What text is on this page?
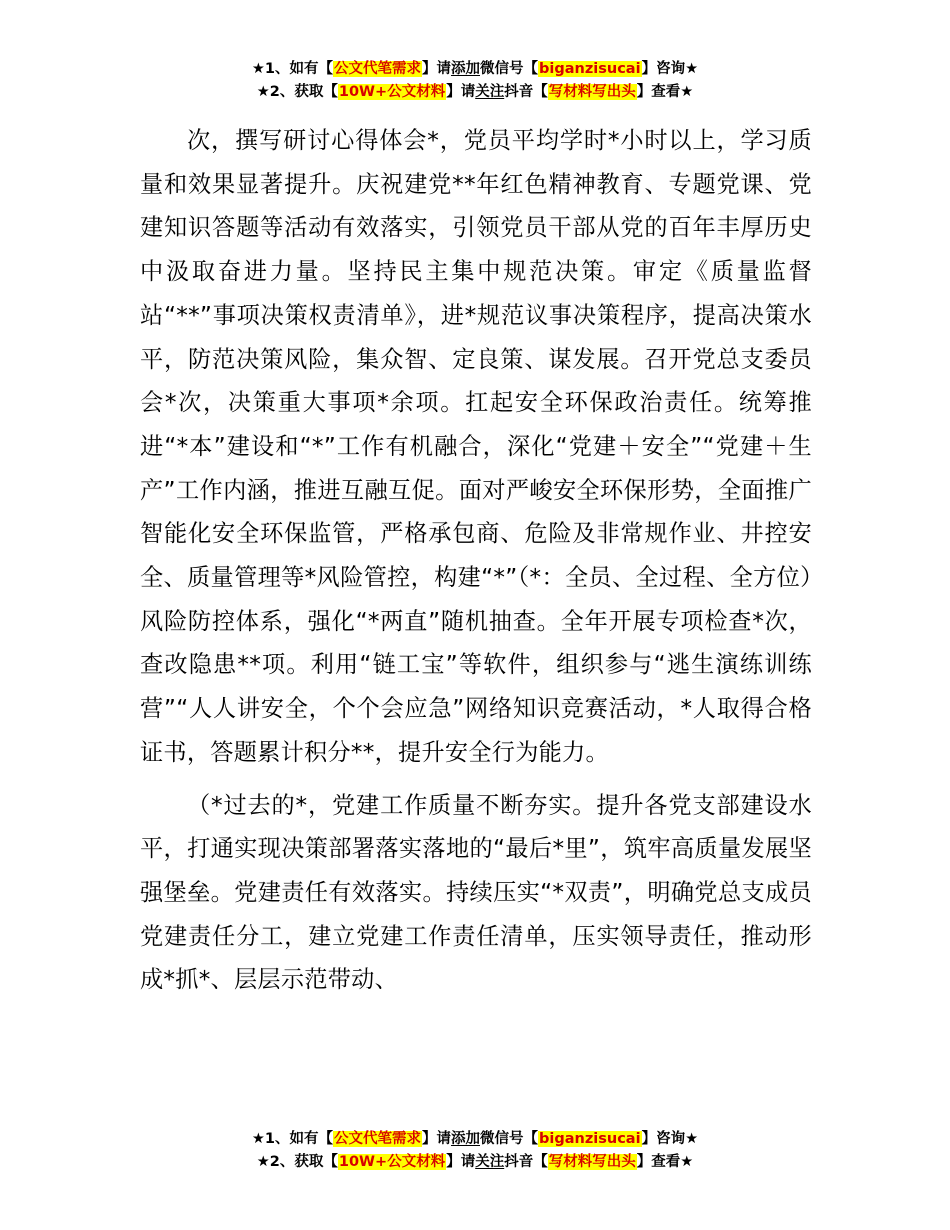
★1、如有【公文代笔需求】请添加微信号【biganzisucai】咨询★
★2、获取【10W+公文材料】请关注抖音【写材料写出头】查看★

次，撰写研讨心得体会*，党员平均学时*小时以上，学习质量和效果显著提升。庆祝建党**年红色精神教育、专题党课、党建知识答题等活动有效落实，引领党员干部从党的百年丰厚历史中汲取奋进力量。坚持民主集中规范决策。审定《质量监督站“**”事项决策权责清单》，进*规范议事决策程序，提高决策水平，防范决策风险，集众智、定良策、谋发展。召开党总支委员会*次，决策重大事项*余项。扛起安全环保政治责任。统筹推进“*本”建设和“*”工作有机融合，深化“党建＋安全”“党建＋生产”工作内涵，推进互融互促。面对严峻安全环保形势，全面推广智能化安全环保监管，严格承包商、危险及非常规作业、井控安全、质量管理等*风险管控，构建“*”（*：全员、全过程、全方位）风险防控体系，强化“*两直”随机抽查。全年开展专项检查*次，查改隐患**项。利用“链工宝”等软件，组织参与“逃生演练训练营”“人人讲安全，个个会应急”网络知识竞赛活动，*人取得合格证书，答题累计积分**，提升安全行为能力。

（*过去的*，党建工作质量不断夯实。提升各党支部建设水平，打通实现决策部署落实落地的“最后*里”，筑牢高质量发展坚强堡垒。党建责任有效落实。持续压实“*双责”，明确党总支成员党建责任分工，建立党建工作责任清单，压实领导责任，推动形成*抓*、层层示范带动、

★1、如有【公文代笔需求】请添加微信号【biganzisucai】咨询★
★2、获取【10W+公文材料】请关注抖音【写材料写出头】查看★
